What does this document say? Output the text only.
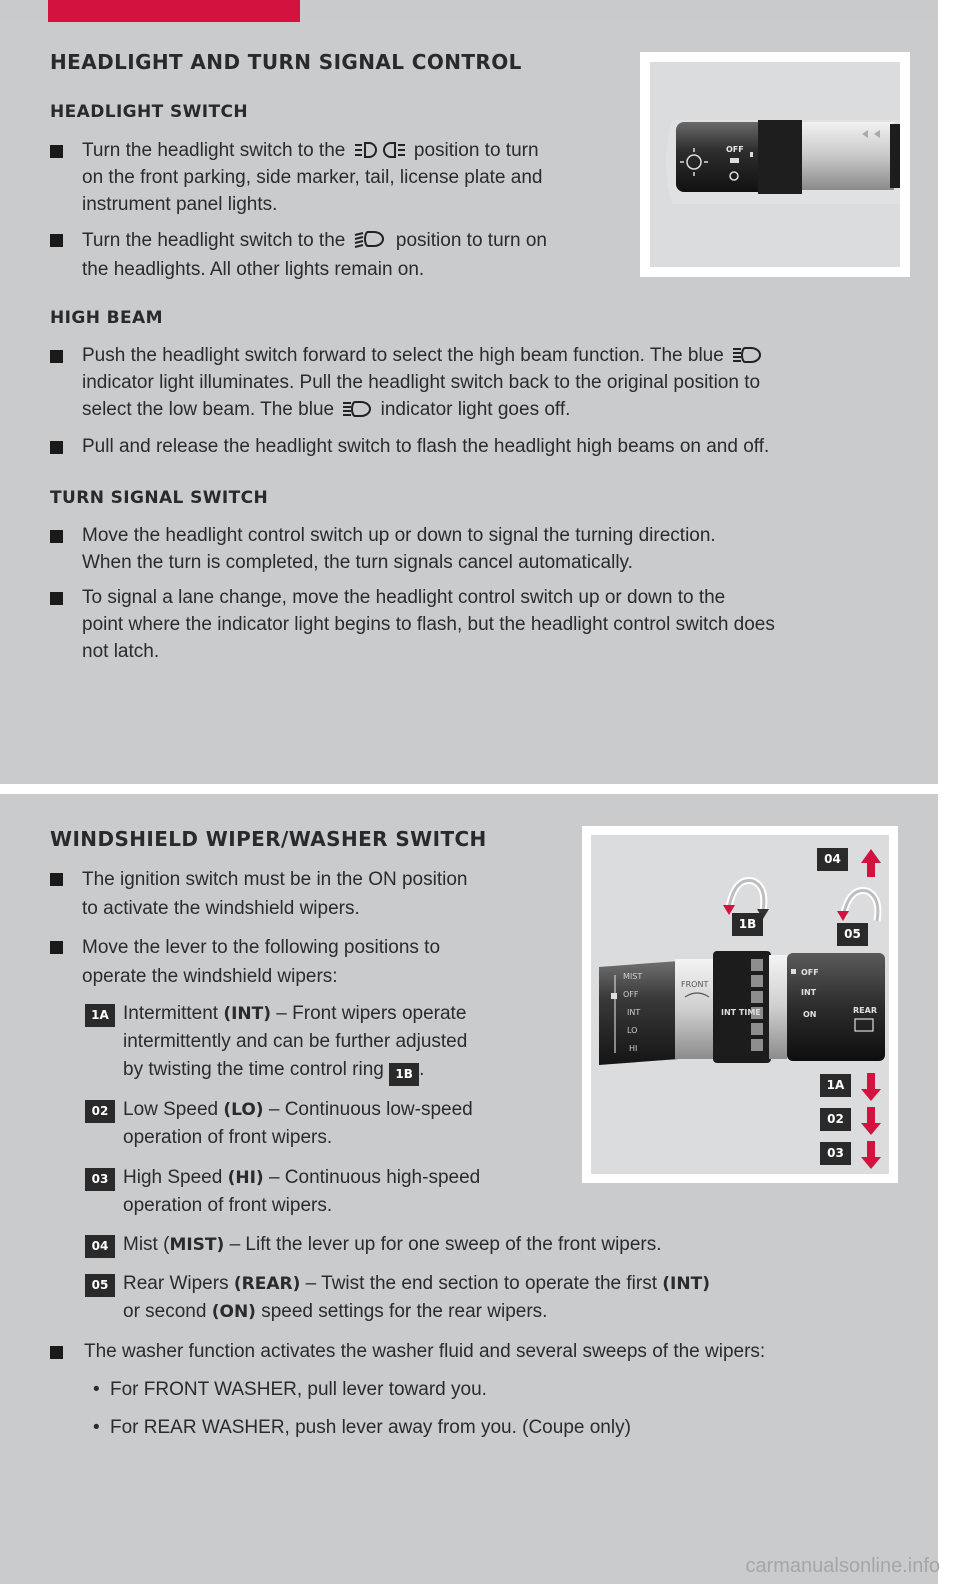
HEADLIGHT AND TURN SIGNAL CONTROL
HEADLIGHT SWITCH
Turn the headlight switch to the	position to turn
on the front parking, side marker, tail, license plate and
instrument panel lights.
Turn the headlight switch to the	position to turn on
the headlights. All other lights remain on.
OFF
HIGH BEAM
Push the headlight switch forward to select the high beam function. The blue
indicator light illuminates. Pull the headlight switch back to the original position to
select the low beam. The blue indicator light goes off.
Pull and release the headlight switch to flash the headlight high beams on and off.
TURN SIGNAL SWITCH
Move the headlight control switch up or down to signal the turning direction.
When the turn is completed, the turn signals cancel automatically.
To signal a lane change, move the headlight control switch up or down to the
point where the indicator light begins to flash, but the headlight control switch does
not latch.
WINDSHIELD WIPER/WASHER SWITCH
The ignition switch must be in the ON position
to activate the windshield wipers.
Move the lever to the following positions to
operate the windshield wipers:
1A Intermittent (INT) – Front wipers operate
intermittently and can be further adjusted
by twisting the time control ring 1B .
02 Low Speed (LO) – Continuous low-speed
operation of front wipers.
03 High Speed (HI) – Continuous high-speed
operation of front wipers.
04 Mist (MIST) – Lift the lever up for one sweep of the front wipers.
05 Rear Wipers (REAR) – Twist the end section to operate the first (INT)
or second (ON) speed settings for the rear wipers.
The washer function activates the washer fluid and several sweeps of the wipers:
• For FRONT WASHER, pull lever toward you.
• For REAR WASHER, push lever away from you. (Coupe only)
MIST
OFF
INT
LO
HI
FRONT
INT TIME
OFF
INT
ON	REAR
04
1B
05
1A
02
03
carmanualsonline.info
